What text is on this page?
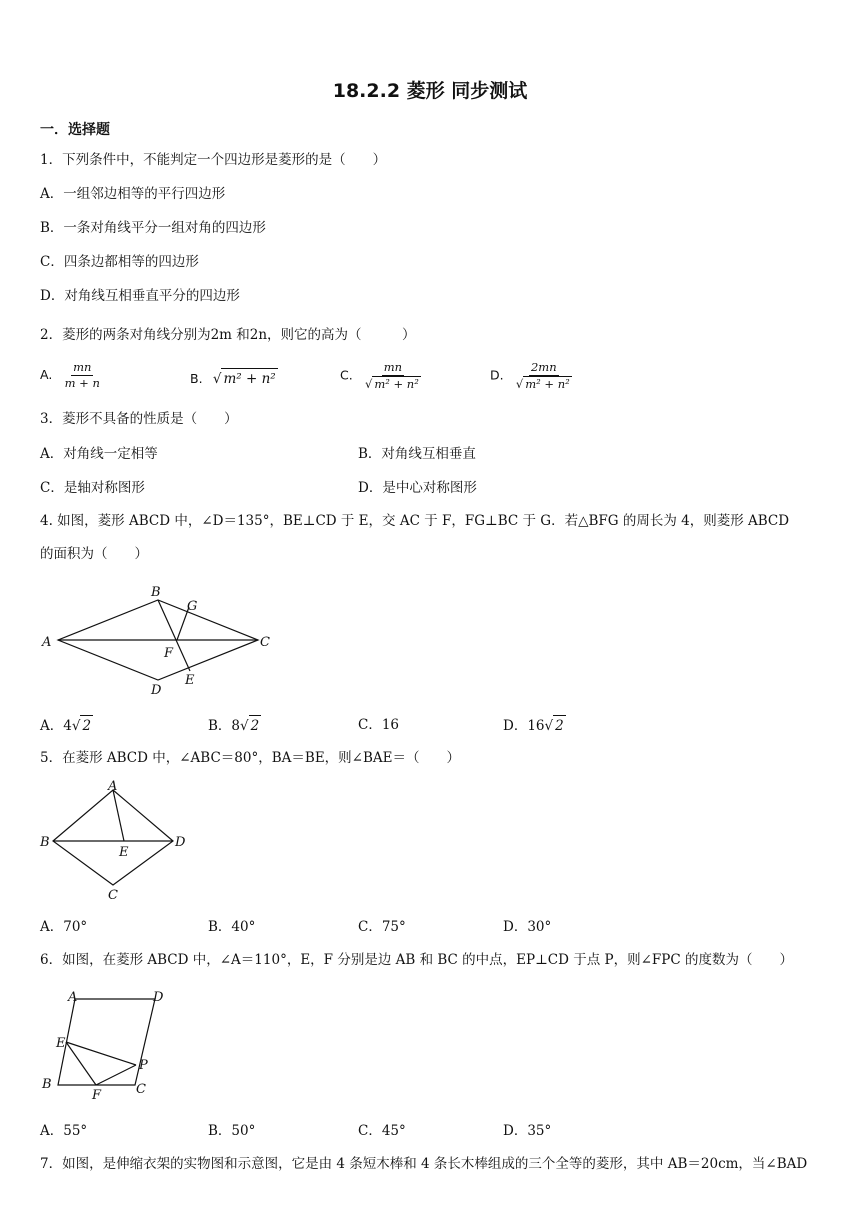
18.2.2 菱形 同步测试
一．选择题
1．下列条件中，不能判定一个四边形是菱形的是（　　）
A．一组邻边相等的平行四边形
B．一条对角线平分一组对角的四边形
C．四条边都相等的四边形
D．对角线互相垂直平分的四边形
2．菱形的两条对角线分别为2m 和2n，则它的高为（　　　）
A. $\frac{mn}{m + n}$	B. √ m² + n²	C. $\frac{mn}{\text{√ m² + n²}}$	D. $\frac{2mn}{\text{√ m² + n²}}$
3．菱形不具备的性质是（　　）
A．对角线一定相等	B．对角线互相垂直
C．是轴对称图形	D．是中心对称图形
4. 如图，菱形 ABCD 中，∠D＝135°，BE⊥CD 于 E，交 AC 于 F，FG⊥BC 于 G．若△BFG 的周长为 4，则菱形 ABCD
的面积为（　　）
A
B
C
D
E
F
G
A．4√ 2	B．8√ 2	C．16	D．16√ 2
5．在菱形 ABCD 中，∠ABC＝80°，BA＝BE，则∠BAE＝（　　）
A
B
C
D
E
A．70°	B．40°	C．75°	D．30°
6．如图，在菱形 ABCD 中，∠A＝110°，E，F 分别是边 AB 和 BC 的中点，EP⊥CD 于点 P，则∠FPC 的度数为（　　）
A
B	C
D
E
F
P
A．55°	B．50°	C．45°	D．35°
7．如图，是伸缩衣架的实物图和示意图，它是由 4 条短木棒和 4 条长木棒组成的三个全等的菱形，其中 AB＝20cm，当∠BAD
